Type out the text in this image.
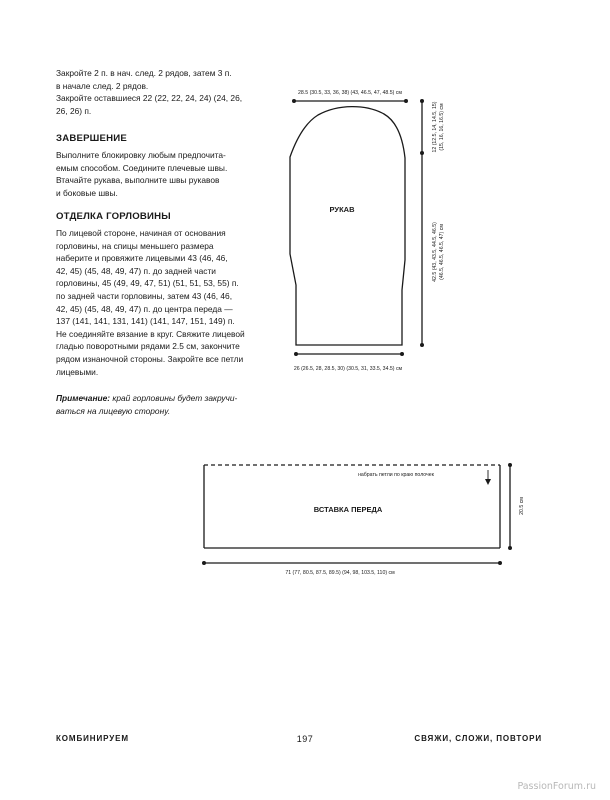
Закройте 2 п. в нач. след. 2 рядов, затем 3 п.

в начале след. 2 рядов.

Закройте оставшиеся 22 (22, 22, 24, 24) (24, 26,

26, 26) п.

ЗАВЕРШЕНИЕ

Выполните блокировку любым предпочита-

емым способом. Соедините плечевые швы.

Втачайте рукава, выполните швы рукавов

и боковые швы.

ОТДЕЛКА ГОРЛОВИНЫ

По лицевой стороне, начиная от основания

горловины, на спицы меньшего размера

наберите и провяжите лицевыми 43 (46, 46,

42, 45) (45, 48, 49, 47) п. до задней части

горловины, 45 (49, 49, 47, 51) (51, 51, 53, 55) п.

по задней части горловины, затем 43 (46, 46,

42, 45) (45, 48, 49, 47) п. до центра переда —

137 (141, 141, 131, 141) (141, 147, 151, 149) п.

Не соединяйте вязание в круг. Свяжите лицевой

гладью поворотными рядами 2.5 см, закончите

рядом изнаночной стороны. Закройте все петли

лицевыми.

Примечание: край горловины будет закручи-

ваться на лицевую сторону.

28.5 (30.5, 33, 36, 38) (43, 46.5, 47, 48.5) см
26 (26.5, 28, 28.5, 30) (30.5, 31, 33.5, 34.5) см
РУКАВ
12 (12.5, 14, 14.5, 15) (15, 16, 16, 16.5) см
42.5 (43, 43.5, 44.5, 46.5) (46.5, 46.5, 46.5, 47) см
набрать петли по краю полочек
ВСТАВКА ПЕРЕДА	20.5 см
71 (77, 80.5, 87.5, 89.5) (94, 98, 103.5, 110) см
КОМБИНИРУЕМ	197	СВЯЖИ, СЛОЖИ, ПОВТОРИ
PassionForum.ru
